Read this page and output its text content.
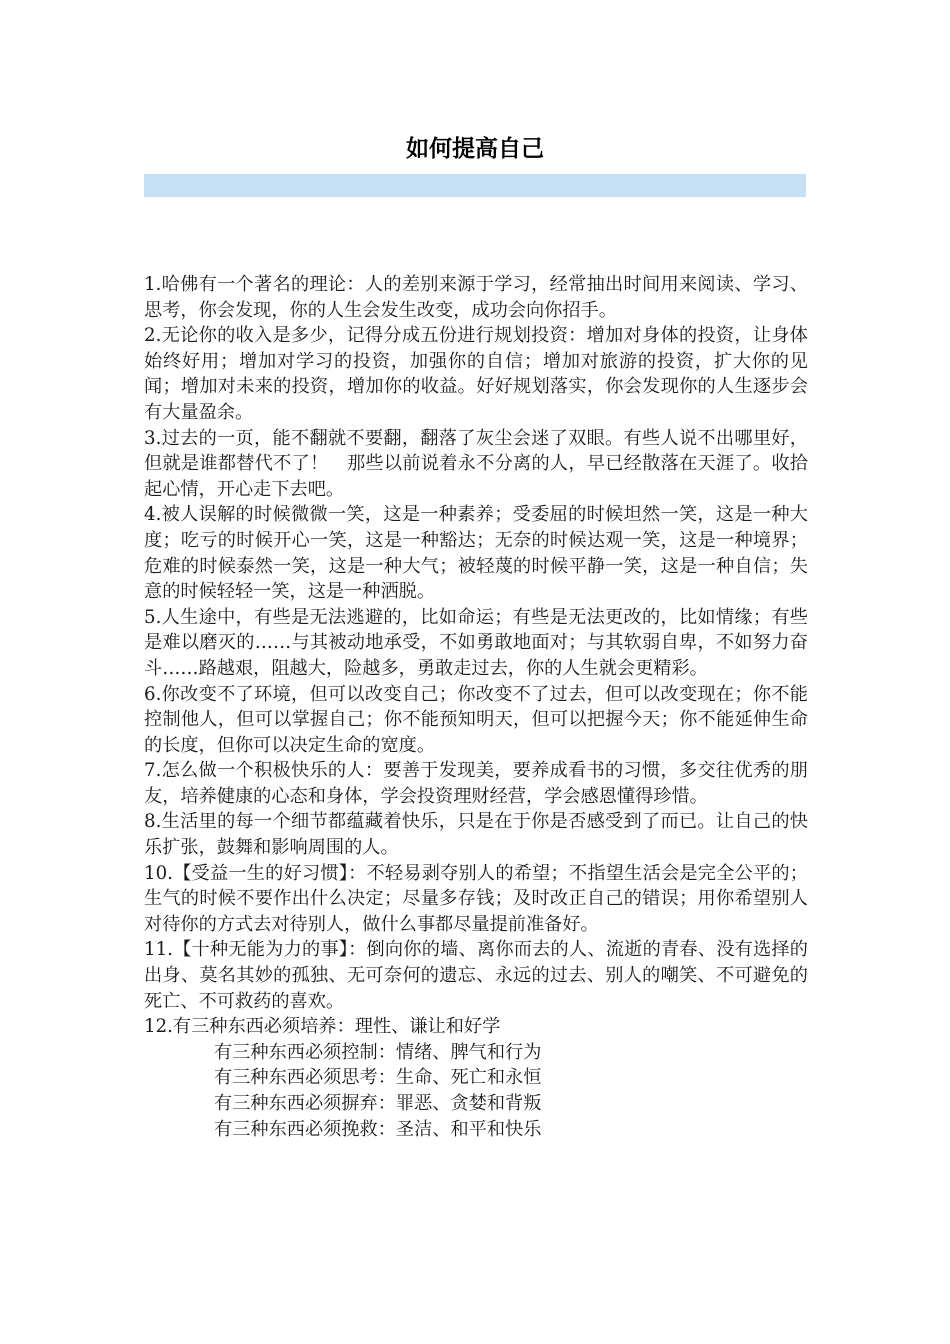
如何提高自己

1.哈佛有一个著名的理论：人的差别来源于学习，经常抽出时间用来阅读、学习、思考，你会发现，你的人生会发生改变，成功会向你招手。

2.无论你的收入是多少，记得分成五份进行规划投资：增加对身体的投资，让身体始终好用；增加对学习的投资，加强你的自信；增加对旅游的投资，扩大你的见闻；增加对未来的投资，增加你的收益。好好规划落实，你会发现你的人生逐步会有大量盈余。

3.过去的一页，能不翻就不要翻，翻落了灰尘会迷了双眼。有些人说不出哪里好，但就是谁都替代不了！　那些以前说着永不分离的人，早已经散落在天涯了。收拾起心情，开心走下去吧。

4.被人误解的时候微微一笑，这是一种素养；受委屈的时候坦然一笑，这是一种大度；吃亏的时候开心一笑，这是一种豁达；无奈的时候达观一笑，这是一种境界；危难的时候泰然一笑，这是一种大气；被轻蔑的时候平静一笑，这是一种自信；失意的时候轻轻一笑，这是一种洒脱。

5.人生途中，有些是无法逃避的，比如命运；有些是无法更改的，比如情缘；有些是难以磨灭的……与其被动地承受，不如勇敢地面对；与其软弱自卑，不如努力奋斗……路越艰，阻越大，险越多，勇敢走过去，你的人生就会更精彩。

6.你改变不了环境，但可以改变自己；你改变不了过去，但可以改变现在；你不能控制他人，但可以掌握自己；你不能预知明天，但可以把握今天；你不能延伸生命的长度，但你可以决定生命的宽度。

7.怎么做一个积极快乐的人：要善于发现美，要养成看书的习惯，多交往优秀的朋友，培养健康的心态和身体，学会投资理财经营，学会感恩懂得珍惜。

8.生活里的每一个细节都蕴藏着快乐，只是在于你是否感受到了而已。让自己的快乐扩张，鼓舞和影响周围的人。

10.【受益一生的好习惯】：不轻易剥夺别人的希望；不指望生活会是完全公平的；生气的时候不要作出什么决定；尽量多存钱；及时改正自己的错误；用你希望别人对待你的方式去对待别人，做什么事都尽量提前准备好。

11.【十种无能为力的事】：倒向你的墙、离你而去的人、流逝的青春、没有选择的出身、莫名其妙的孤独、无可奈何的遗忘、永远的过去、别人的嘲笑、不可避免的死亡、不可救药的喜欢。

12.有三种东西必须培养：理性、谦让和好学

有三种东西必须控制：情绪、脾气和行为

有三种东西必须思考：生命、死亡和永恒

有三种东西必须摒弃：罪恶、贪婪和背叛

有三种东西必须挽救：圣洁、和平和快乐
